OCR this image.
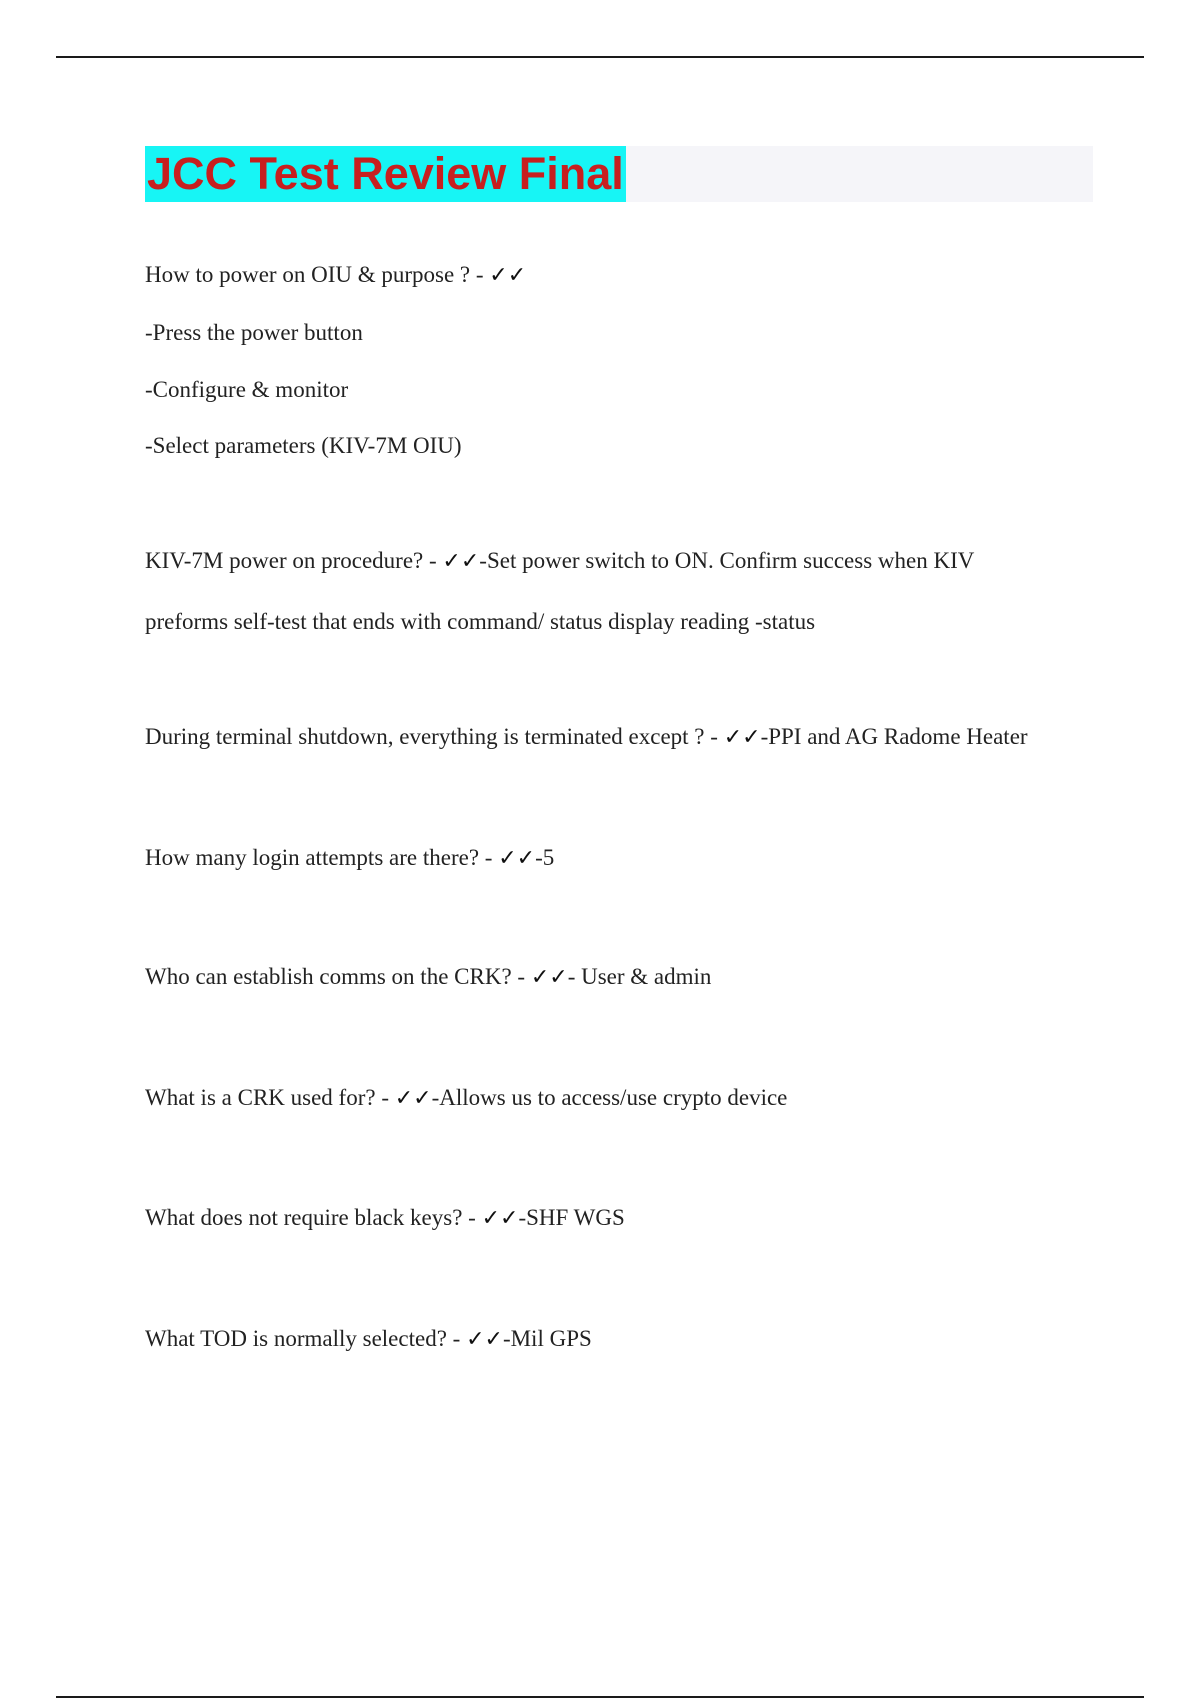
JCC Test Review Final
How to power on OIU & purpose ? - ✓✓
-Press the power button
-Configure & monitor
-Select parameters (KIV-7M OIU)
KIV-7M power on procedure? - ✓✓-Set power switch to ON. Confirm success when KIV
preforms self-test that ends with command/ status display reading -status
During terminal shutdown, everything is terminated except ? - ✓✓-PPI and AG Radome Heater
How many login attempts are there? - ✓✓-5
Who can establish comms on the CRK? - ✓✓- User & admin
What is a CRK used for? - ✓✓-Allows us to access/use crypto device
What does not require black keys? - ✓✓-SHF WGS
What TOD is normally selected? - ✓✓-Mil GPS
